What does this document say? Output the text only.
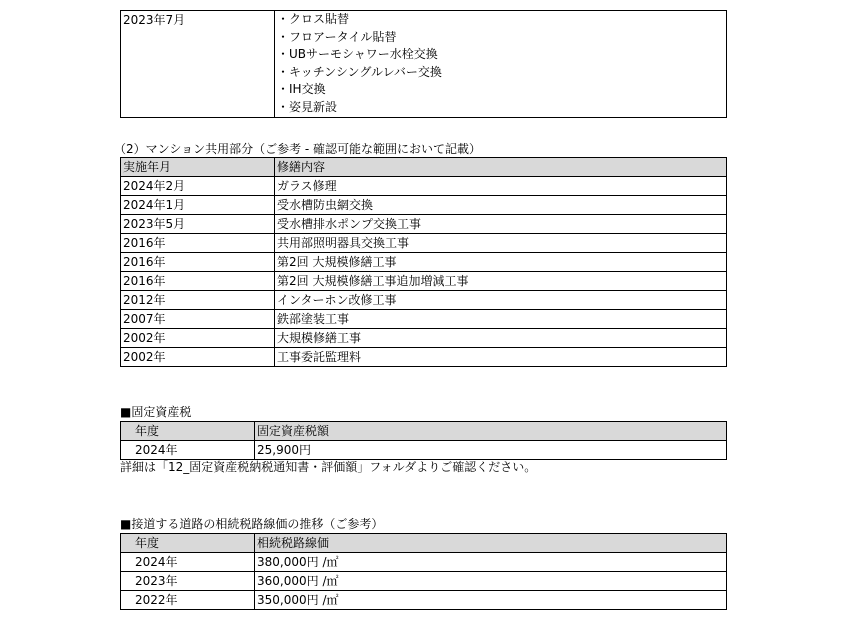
2023年7月	・クロス貼替
・フロアータイル貼替
・UBサーモシャワー水栓交換
・キッチンシングルレバー交換
・IH交換
・姿見新設
（2）マンション共用部分（ご参考 - 確認可能な範囲において記載）
実施年月	修繕内容
2024年2月	ガラス修理
2024年1月	受水槽防虫網交換
2023年5月	受水槽排水ポンプ交換工事
2016年	共用部照明器具交換工事
2016年	第2回 大規模修繕工事
2016年	第2回 大規模修繕工事追加増減工事
2012年	インターホン改修工事
2007年	鉄部塗装工事
2002年	大規模修繕工事
2002年	工事委託監理料
■固定資産税
年度	固定資産税額
2024年	25,900円
詳細は「12_固定資産税納税通知書・評価額」フォルダよりご確認ください。
■接道する道路の相続税路線価の推移（ご参考）
年度	相続税路線価
2024年	380,000円 /㎡
2023年	360,000円 /㎡
2022年	350,000円 /㎡
